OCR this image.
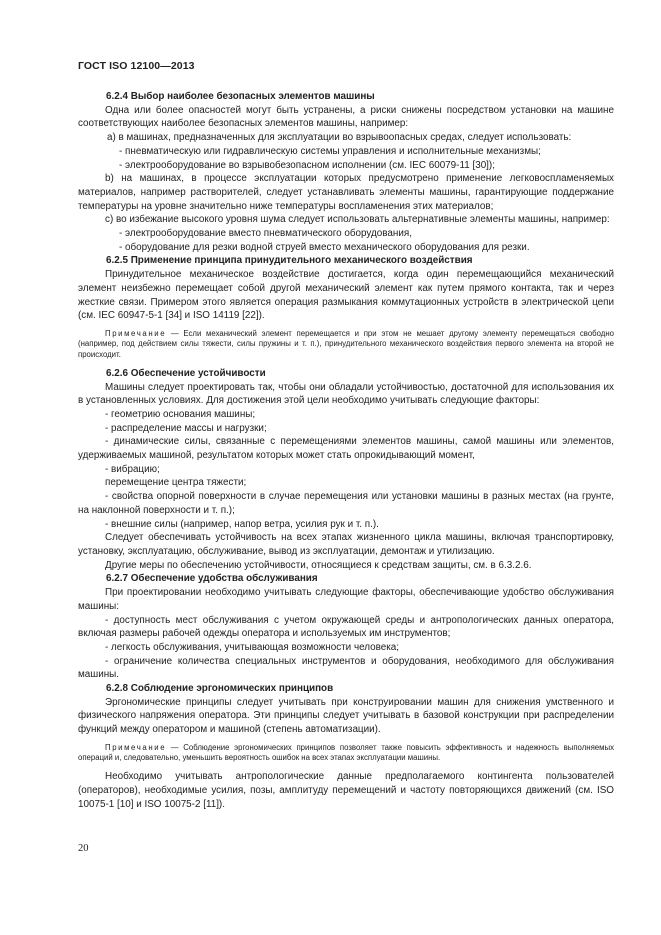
ГОСТ ISO 12100—2013

6.2.4 Выбор наиболее безопасных элементов машины

Одна или более опасностей могут быть устранены, а риски снижены посредством установки на машине соответствующих наиболее безопасных элементов машины, например:

a) в машинах, предназначенных для эксплуатации во взрывоопасных средах, следует использовать:

- пневматическую или гидравлическую системы управления и исполнительные механизмы;

- электрооборудование во взрывобезопасном исполнении (см. IEC 60079-11 [30]);

b) на машинах, в процессе эксплуатации которых предусмотрено применение легковоспламеняемых материалов, например растворителей, следует устанавливать элементы машины, гарантирующие поддержание температуры на уровне значительно ниже температуры воспламенения этих материалов;

c) во избежание высокого уровня шума следует использовать альтернативные элементы машины, например:

- электрооборудование вместо пневматического оборудования,

- оборудование для резки водной струей вместо механического оборудования для резки.

6.2.5 Применение принципа принудительного механического воздействия

Принудительное механическое воздействие достигается, когда один перемещающийся механический элемент неизбежно перемещает собой другой механический элемент как путем прямого контакта, так и через жесткие связи. Примером этого является операция размыкания коммутационных устройств в электрической цепи (см. IEC 60947-5-1 [34] и ISO 14119 [22]).

Примечание — Если механический элемент перемещается и при этом не мешает другому элементу перемещаться свободно (например, под действием силы тяжести, силы пружины и т. п.), принудительного механического воздействия первого элемента на второй не происходит.

6.2.6 Обеспечение устойчивости

Машины следует проектировать так, чтобы они обладали устойчивостью, достаточной для использования их в установленных условиях. Для достижения этой цели необходимо учитывать следующие факторы:

- геометрию основания машины;

- распределение массы и нагрузки;

- динамические силы, связанные с перемещениями элементов машины, самой машины или элементов, удерживаемых машиной, результатом которых может стать опрокидывающий момент,

- вибрацию;

перемещение центра тяжести;

- свойства опорной поверхности в случае перемещения или установки машины в разных местах (на грунте, на наклонной поверхности и т. п.);

- внешние силы (например, напор ветра, усилия рук и т. п.).

Следует обеспечивать устойчивость на всех этапах жизненного цикла машины, включая транспортировку, установку, эксплуатацию, обслуживание, вывод из эксплуатации, демонтаж и утилизацию.

Другие меры по обеспечению устойчивости, относящиеся к средствам защиты, см. в 6.3.2.6.

6.2.7 Обеспечение удобства обслуживания

При проектировании необходимо учитывать следующие факторы, обеспечивающие удобство обслуживания машины:

- доступность мест обслуживания с учетом окружающей среды и антропологических данных оператора, включая размеры рабочей одежды оператора и используемых им инструментов;

- легкость обслуживания, учитывающая возможности человека;

- ограничение количества специальных инструментов и оборудования, необходимого для обслуживания машины.

6.2.8 Соблюдение эргономических принципов

Эргономические принципы следует учитывать при конструировании машин для снижения умственного и физического напряжения оператора. Эти принципы следует учитывать в базовой конструкции при распределении функций между оператором и машиной (степень автоматизации).

Примечание — Соблюдение эргономических принципов позволяет также повысить эффективность и надежность выполняемых операций и, следовательно, уменьшить вероятность ошибок на всех этапах эксплуатации машины.

Необходимо учитывать антропологические данные предполагаемого контингента пользователей (операторов), необходимые усилия, позы, амплитуду перемещений и частоту повторяющихся движений (см. ISO 10075-1 [10] и ISO 10075-2 [11]).

20
